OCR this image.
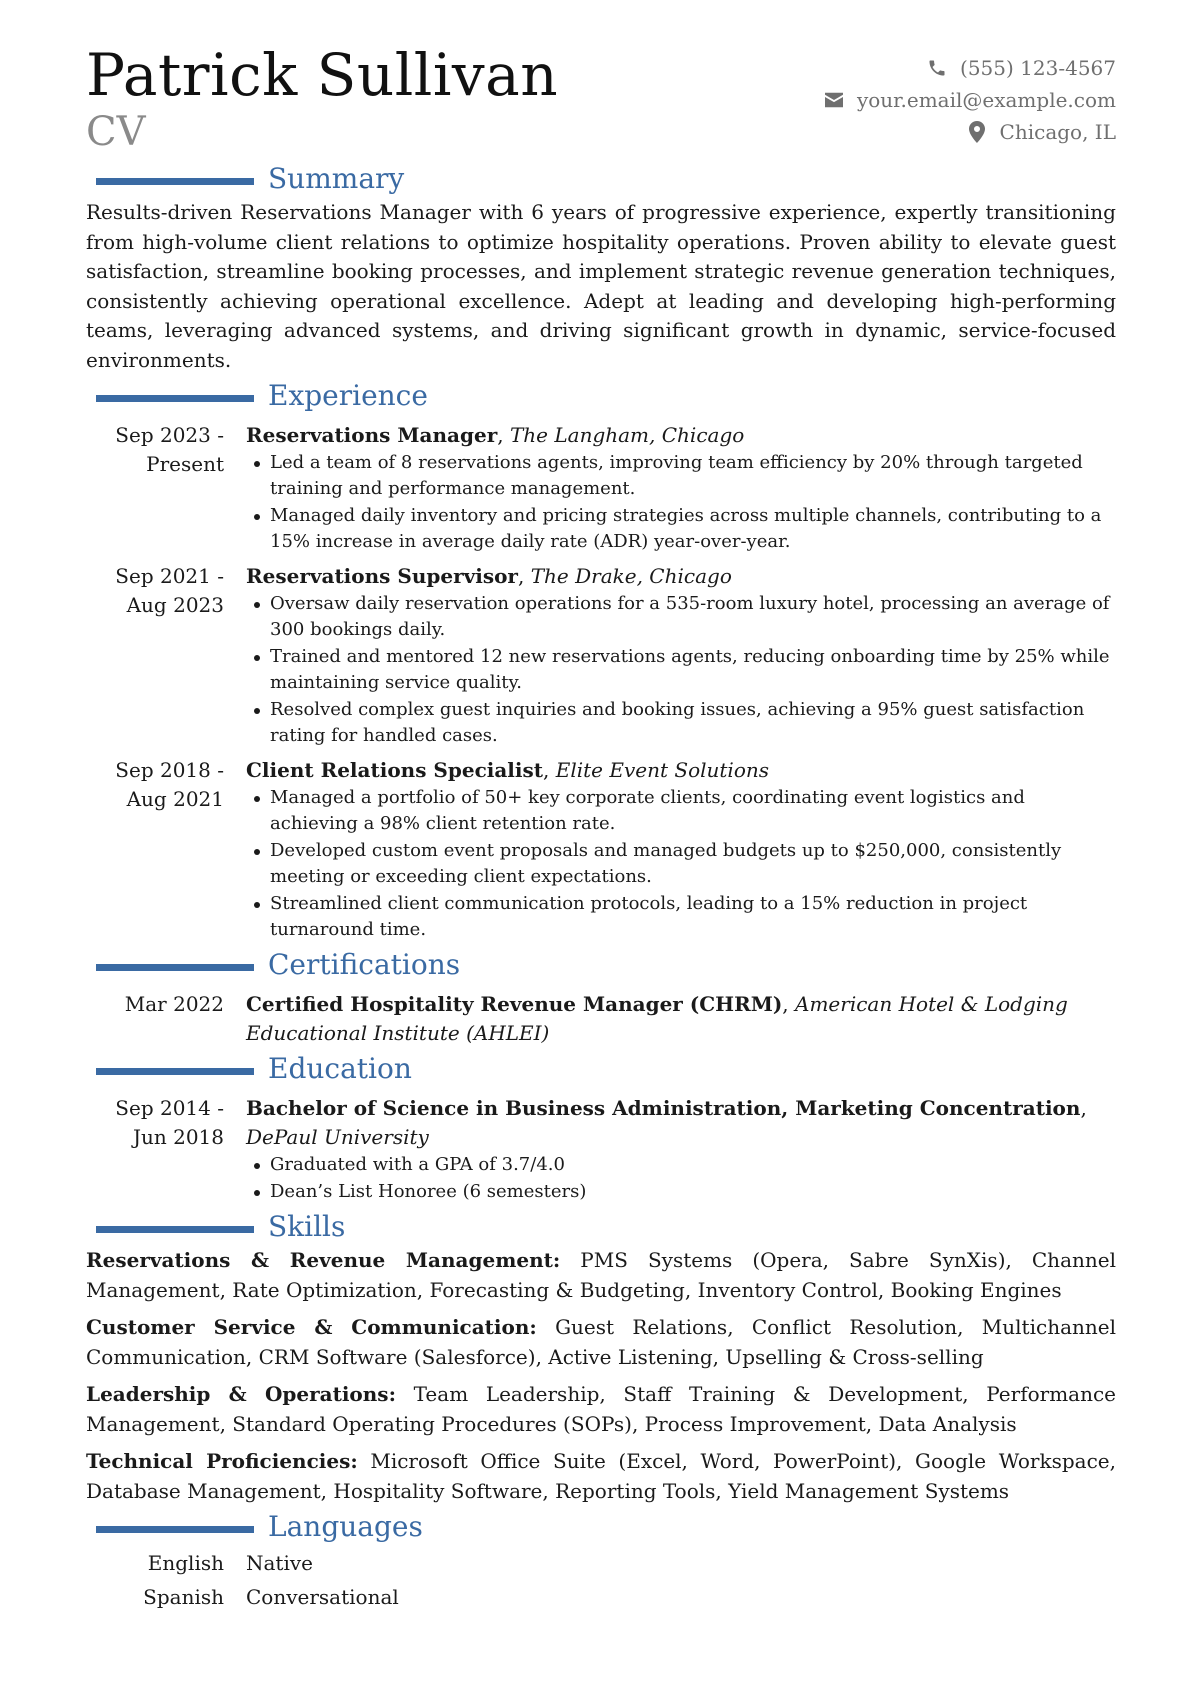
Patrick Sullivan
CV
(555) 123-4567
your.email@example.com
Chicago, IL
Summary
Results-driven Reservations Manager with 6 years of progressive experience, expertly transitioning from high-volume client relations to optimize hospitality operations. Proven ability to elevate guest satisfaction, streamline booking processes, and implement strategic revenue generation techniques, consistently achieving operational excellence. Adept at leading and developing high-performing teams, leveraging advanced systems, and driving significant growth in dynamic, service-focused environments.
Experience
Sep 2023 - Present
Reservations Manager, The Langham, Chicago
Led a team of 8 reservations agents, improving team efficiency by 20% through targeted training and performance management.
Managed daily inventory and pricing strategies across multiple channels, contributing to a 15% increase in average daily rate (ADR) year-over-year.
Sep 2021 - Aug 2023
Reservations Supervisor, The Drake, Chicago
Oversaw daily reservation operations for a 535-room luxury hotel, processing an average of 300 bookings daily.
Trained and mentored 12 new reservations agents, reducing onboarding time by 25% while maintaining service quality.
Resolved complex guest inquiries and booking issues, achieving a 95% guest satisfaction rating for handled cases.
Sep 2018 - Aug 2021
Client Relations Specialist, Elite Event Solutions
Managed a portfolio of 50+ key corporate clients, coordinating event logistics and achieving a 98% client retention rate.
Developed custom event proposals and managed budgets up to $250,000, consistently meeting or exceeding client expectations.
Streamlined client communication protocols, leading to a 15% reduction in project turnaround time.
Certifications
Mar 2022	Certified Hospitality Revenue Manager (CHRM), American Hotel & Lodging Educational Institute (AHLEI)
Education
Sep 2014 - Jun 2018
Bachelor of Science in Business Administration, Marketing Concentration, DePaul University
Graduated with a GPA of 3.7/4.0
Dean’s List Honoree (6 semesters)
Skills
Reservations & Revenue Management: PMS Systems (Opera, Sabre SynXis), Channel Management, Rate Optimization, Forecasting & Budgeting, Inventory Control, Booking Engines
Customer Service & Communication: Guest Relations, Conflict Resolution, Multichannel Communication, CRM Software (Salesforce), Active Listening, Upselling & Cross-selling
Leadership & Operations: Team Leadership, Staff Training & Development, Performance Management, Standard Operating Procedures (SOPs), Process Improvement, Data Analysis
Technical Proficiencies: Microsoft Office Suite (Excel, Word, PowerPoint), Google Workspace, Database Management, Hospitality Software, Reporting Tools, Yield Management Systems
Languages
English	Native
Spanish	Conversational
